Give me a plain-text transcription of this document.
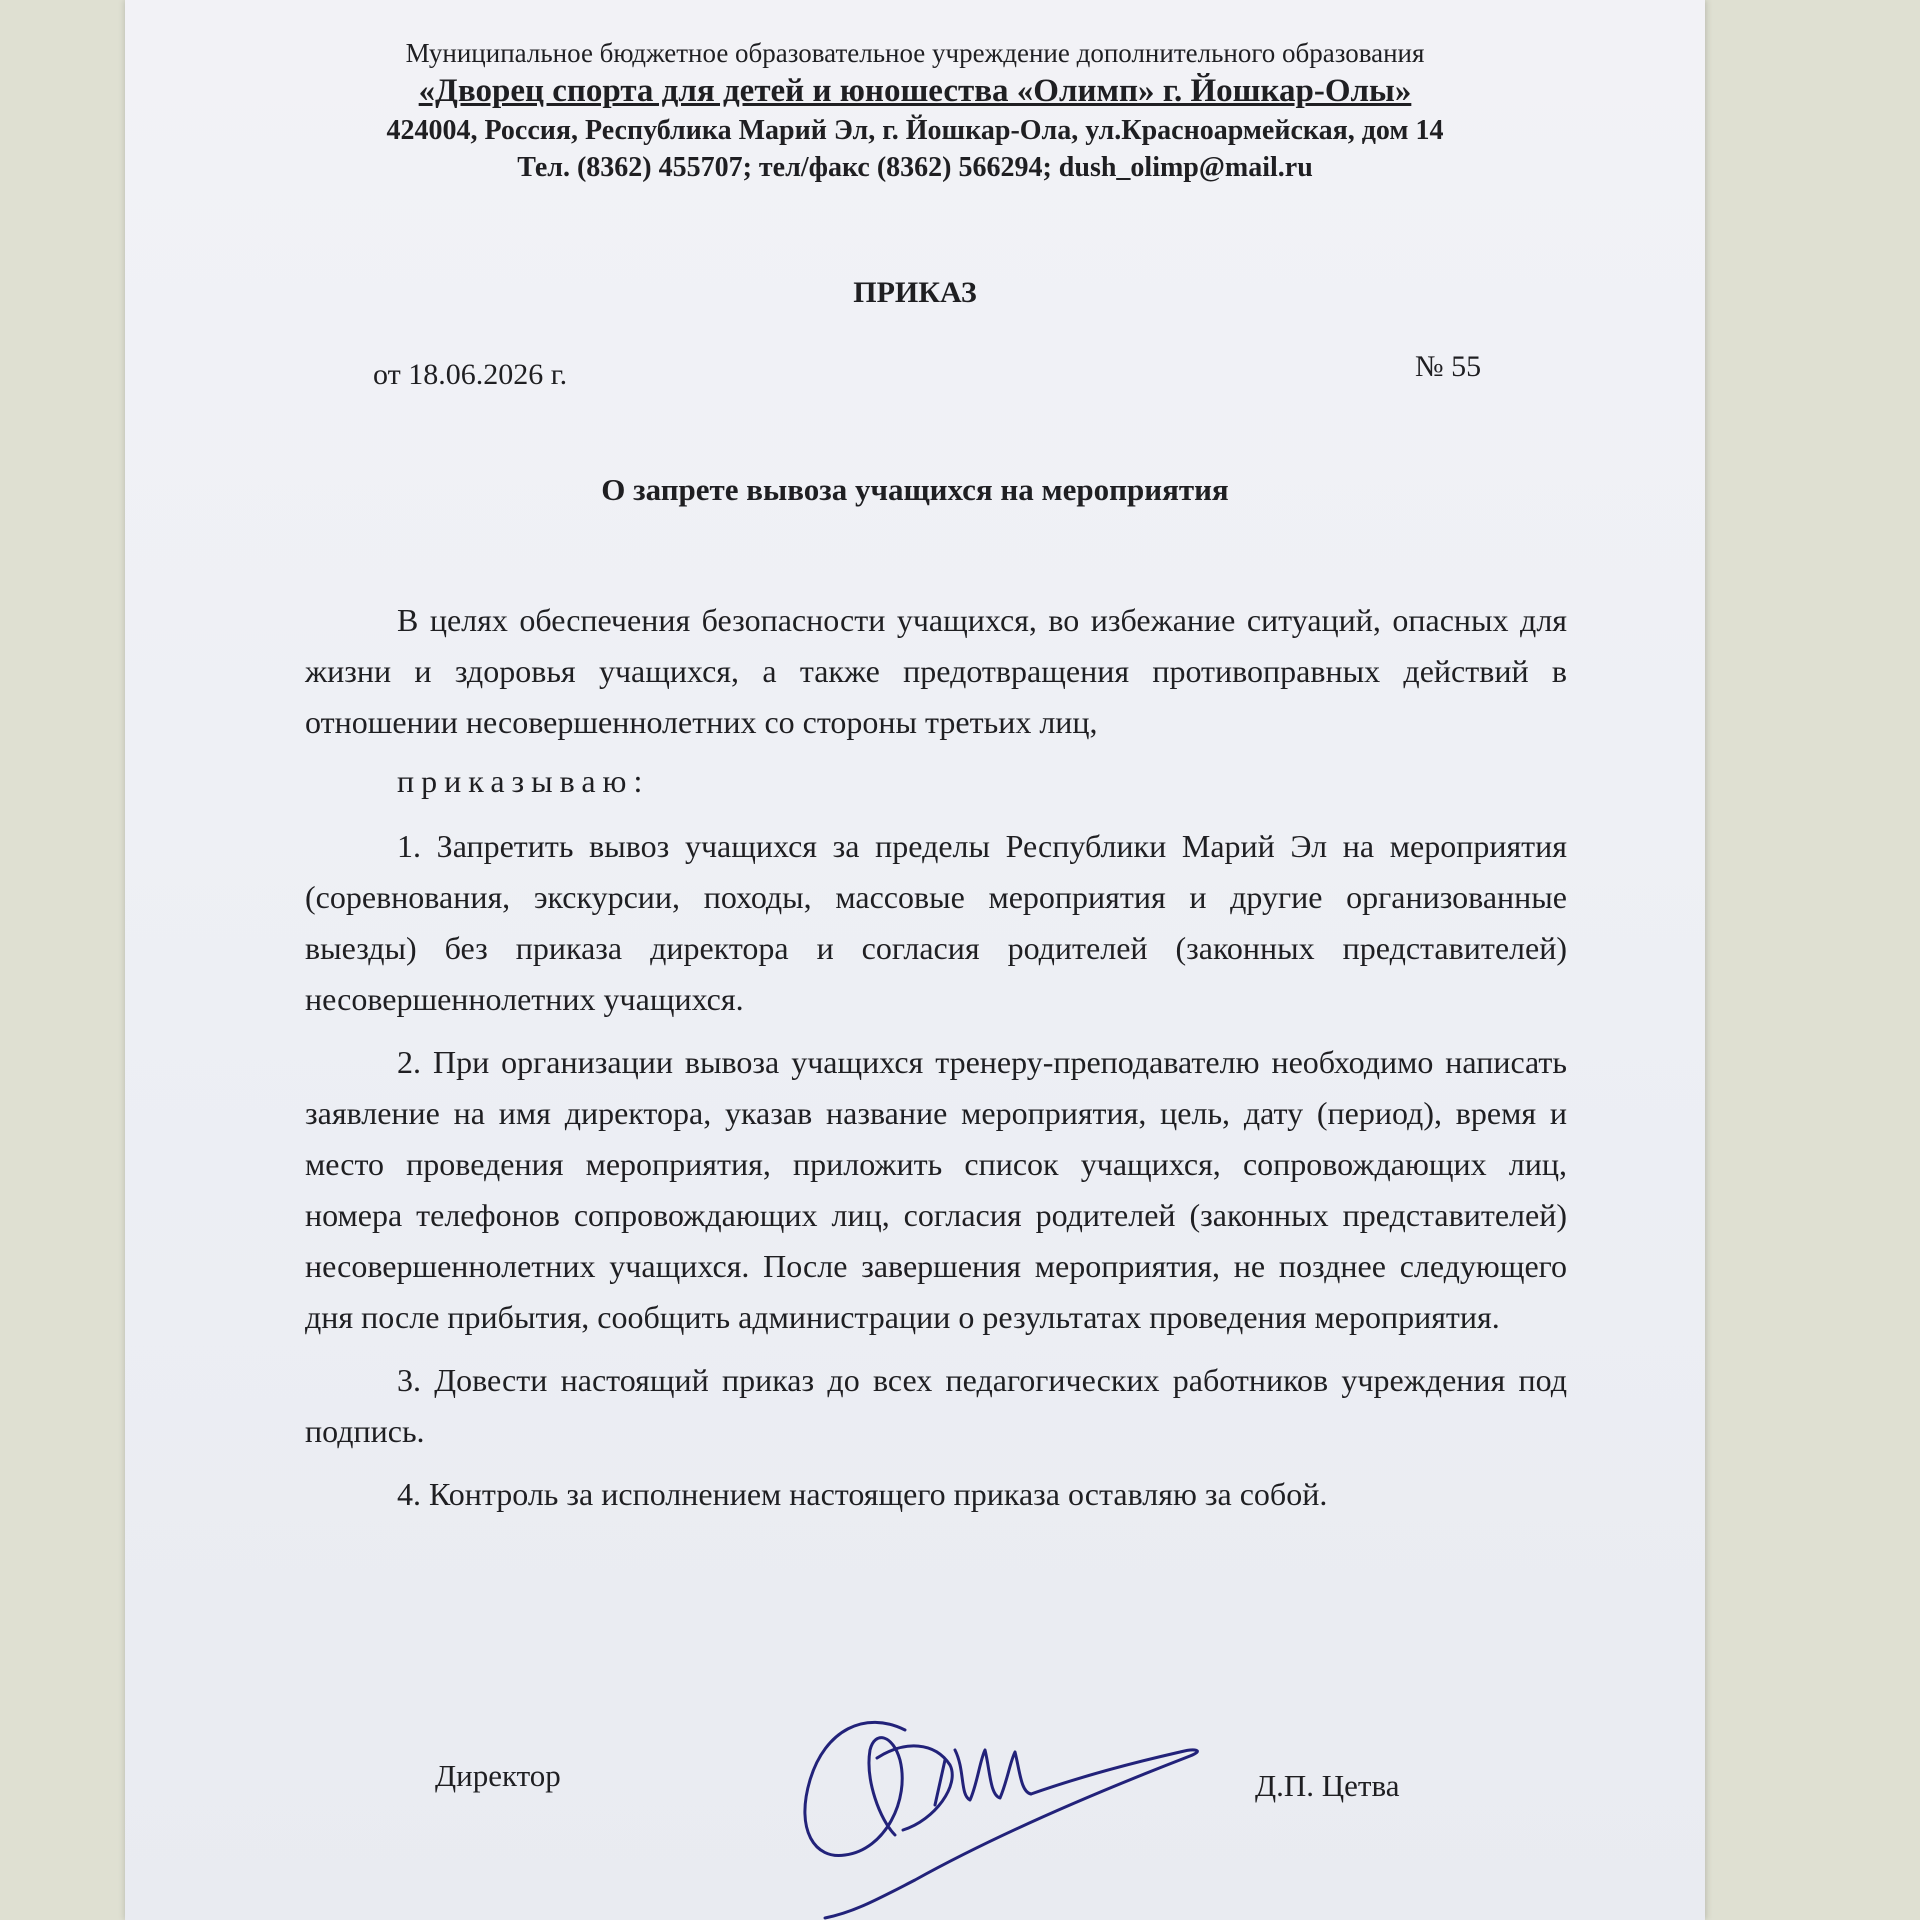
Муниципальное бюджетное образовательное учреждение дополнительного образования
«Дворец спорта для детей и юношества «Олимп» г. Йошкар-Олы»
424004, Россия, Республика Марий Эл, г. Йошкар-Ола, ул.Красноармейская, дом 14
Тел. (8362) 455707; тел/факс (8362) 566294; dush_olimp@mail.ru
ПРИКАЗ
от 18.06.2026 г.	№ 55
О запрете вывоза учащихся на мероприятия

В целях обеспечения безопасности учащихся, во избежание ситуаций, опасных для жизни и здоровья учащихся, а также предотвращения противоправных действий в отношении несовершеннолетних со стороны третьих лиц,

приказываю:

1. Запретить вывоз учащихся за пределы Республики Марий Эл на мероприятия (соревнования, экскурсии, походы, массовые мероприятия и другие организованные выезды) без приказа директора и согласия родителей (законных представителей) несовершеннолетних учащихся.

2. При организации вывоза учащихся тренеру-преподавателю необходимо написать заявление на имя директора, указав название мероприятия, цель, дату (период), время и место проведения мероприятия, приложить список учащихся, сопровождающих лиц, номера телефонов сопровождающих лиц, согласия родителей (законных представителей) несовершеннолетних учащихся. После завершения мероприятия, не позднее следующего дня после прибытия, сообщить администрации о результатах проведения мероприятия.

3. Довести настоящий приказ до всех педагогических работников учреждения под подпись.

4. Контроль за исполнением настоящего приказа оставляю за собой.

Директор	Д.П. Цетва
